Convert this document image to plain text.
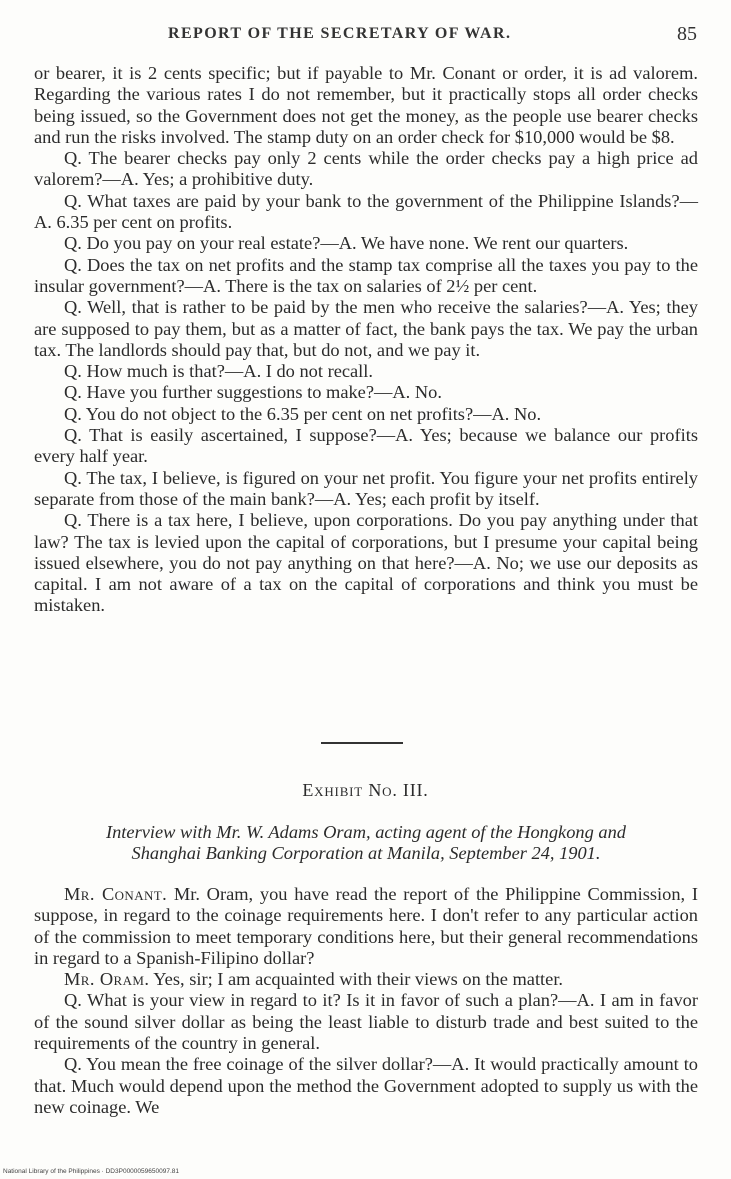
REPORT OF THE SECRETARY OF WAR.	85

or bearer, it is 2 cents specific; but if payable to Mr. Conant or order, it is ad valorem. Regarding the various rates I do not remember, but it practically stops all order checks being issued, so the Government does not get the money, as the people use bearer checks and run the risks involved. The stamp duty on an order check for $10,000 would be $8.

Q. The bearer checks pay only 2 cents while the order checks pay a high price ad valorem?—A. Yes; a prohibitive duty.

Q. What taxes are paid by your bank to the government of the Philippine Islands?—A. 6.35 per cent on profits.

Q. Do you pay on your real estate?—A. We have none. We rent our quarters.

Q. Does the tax on net profits and the stamp tax comprise all the taxes you pay to the insular government?—A. There is the tax on salaries of 2½ per cent.

Q. Well, that is rather to be paid by the men who receive the salaries?—A. Yes; they are supposed to pay them, but as a matter of fact, the bank pays the tax. We pay the urban tax. The landlords should pay that, but do not, and we pay it.

Q. How much is that?—A. I do not recall.

Q. Have you further suggestions to make?—A. No.

Q. You do not object to the 6.35 per cent on net profits?—A. No.

Q. That is easily ascertained, I suppose?—A. Yes; because we balance our profits every half year.

Q. The tax, I believe, is figured on your net profit. You figure your net profits entirely separate from those of the main bank?—A. Yes; each profit by itself.

Q. There is a tax here, I believe, upon corporations. Do you pay anything under that law? The tax is levied upon the capital of corporations, but I presume your capital being issued elsewhere, you do not pay anything on that here?—A. No; we use our deposits as capital. I am not aware of a tax on the capital of corporations and think you must be mistaken.

Exhibit No. III.
Interview with Mr. W. Adams Oram, acting agent of the Hongkong and
Shanghai Banking Corporation at Manila, September 24, 1901.

Mr. Conant. Mr. Oram, you have read the report of the Philippine Commission, I suppose, in regard to the coinage requirements here. I don't refer to any particular action of the commission to meet temporary conditions here, but their general recommendations in regard to a Spanish-Filipino dollar?

Mr. Oram. Yes, sir; I am acquainted with their views on the matter.

Q. What is your view in regard to it? Is it in favor of such a plan?—A. I am in favor of the sound silver dollar as being the least liable to disturb trade and best suited to the requirements of the country in general.

Q. You mean the free coinage of the silver dollar?—A. It would practically amount to that. Much would depend upon the method the Government adopted to supply us with the new coinage. We

National Library of the Philippines · DD3P0000059650097.81
